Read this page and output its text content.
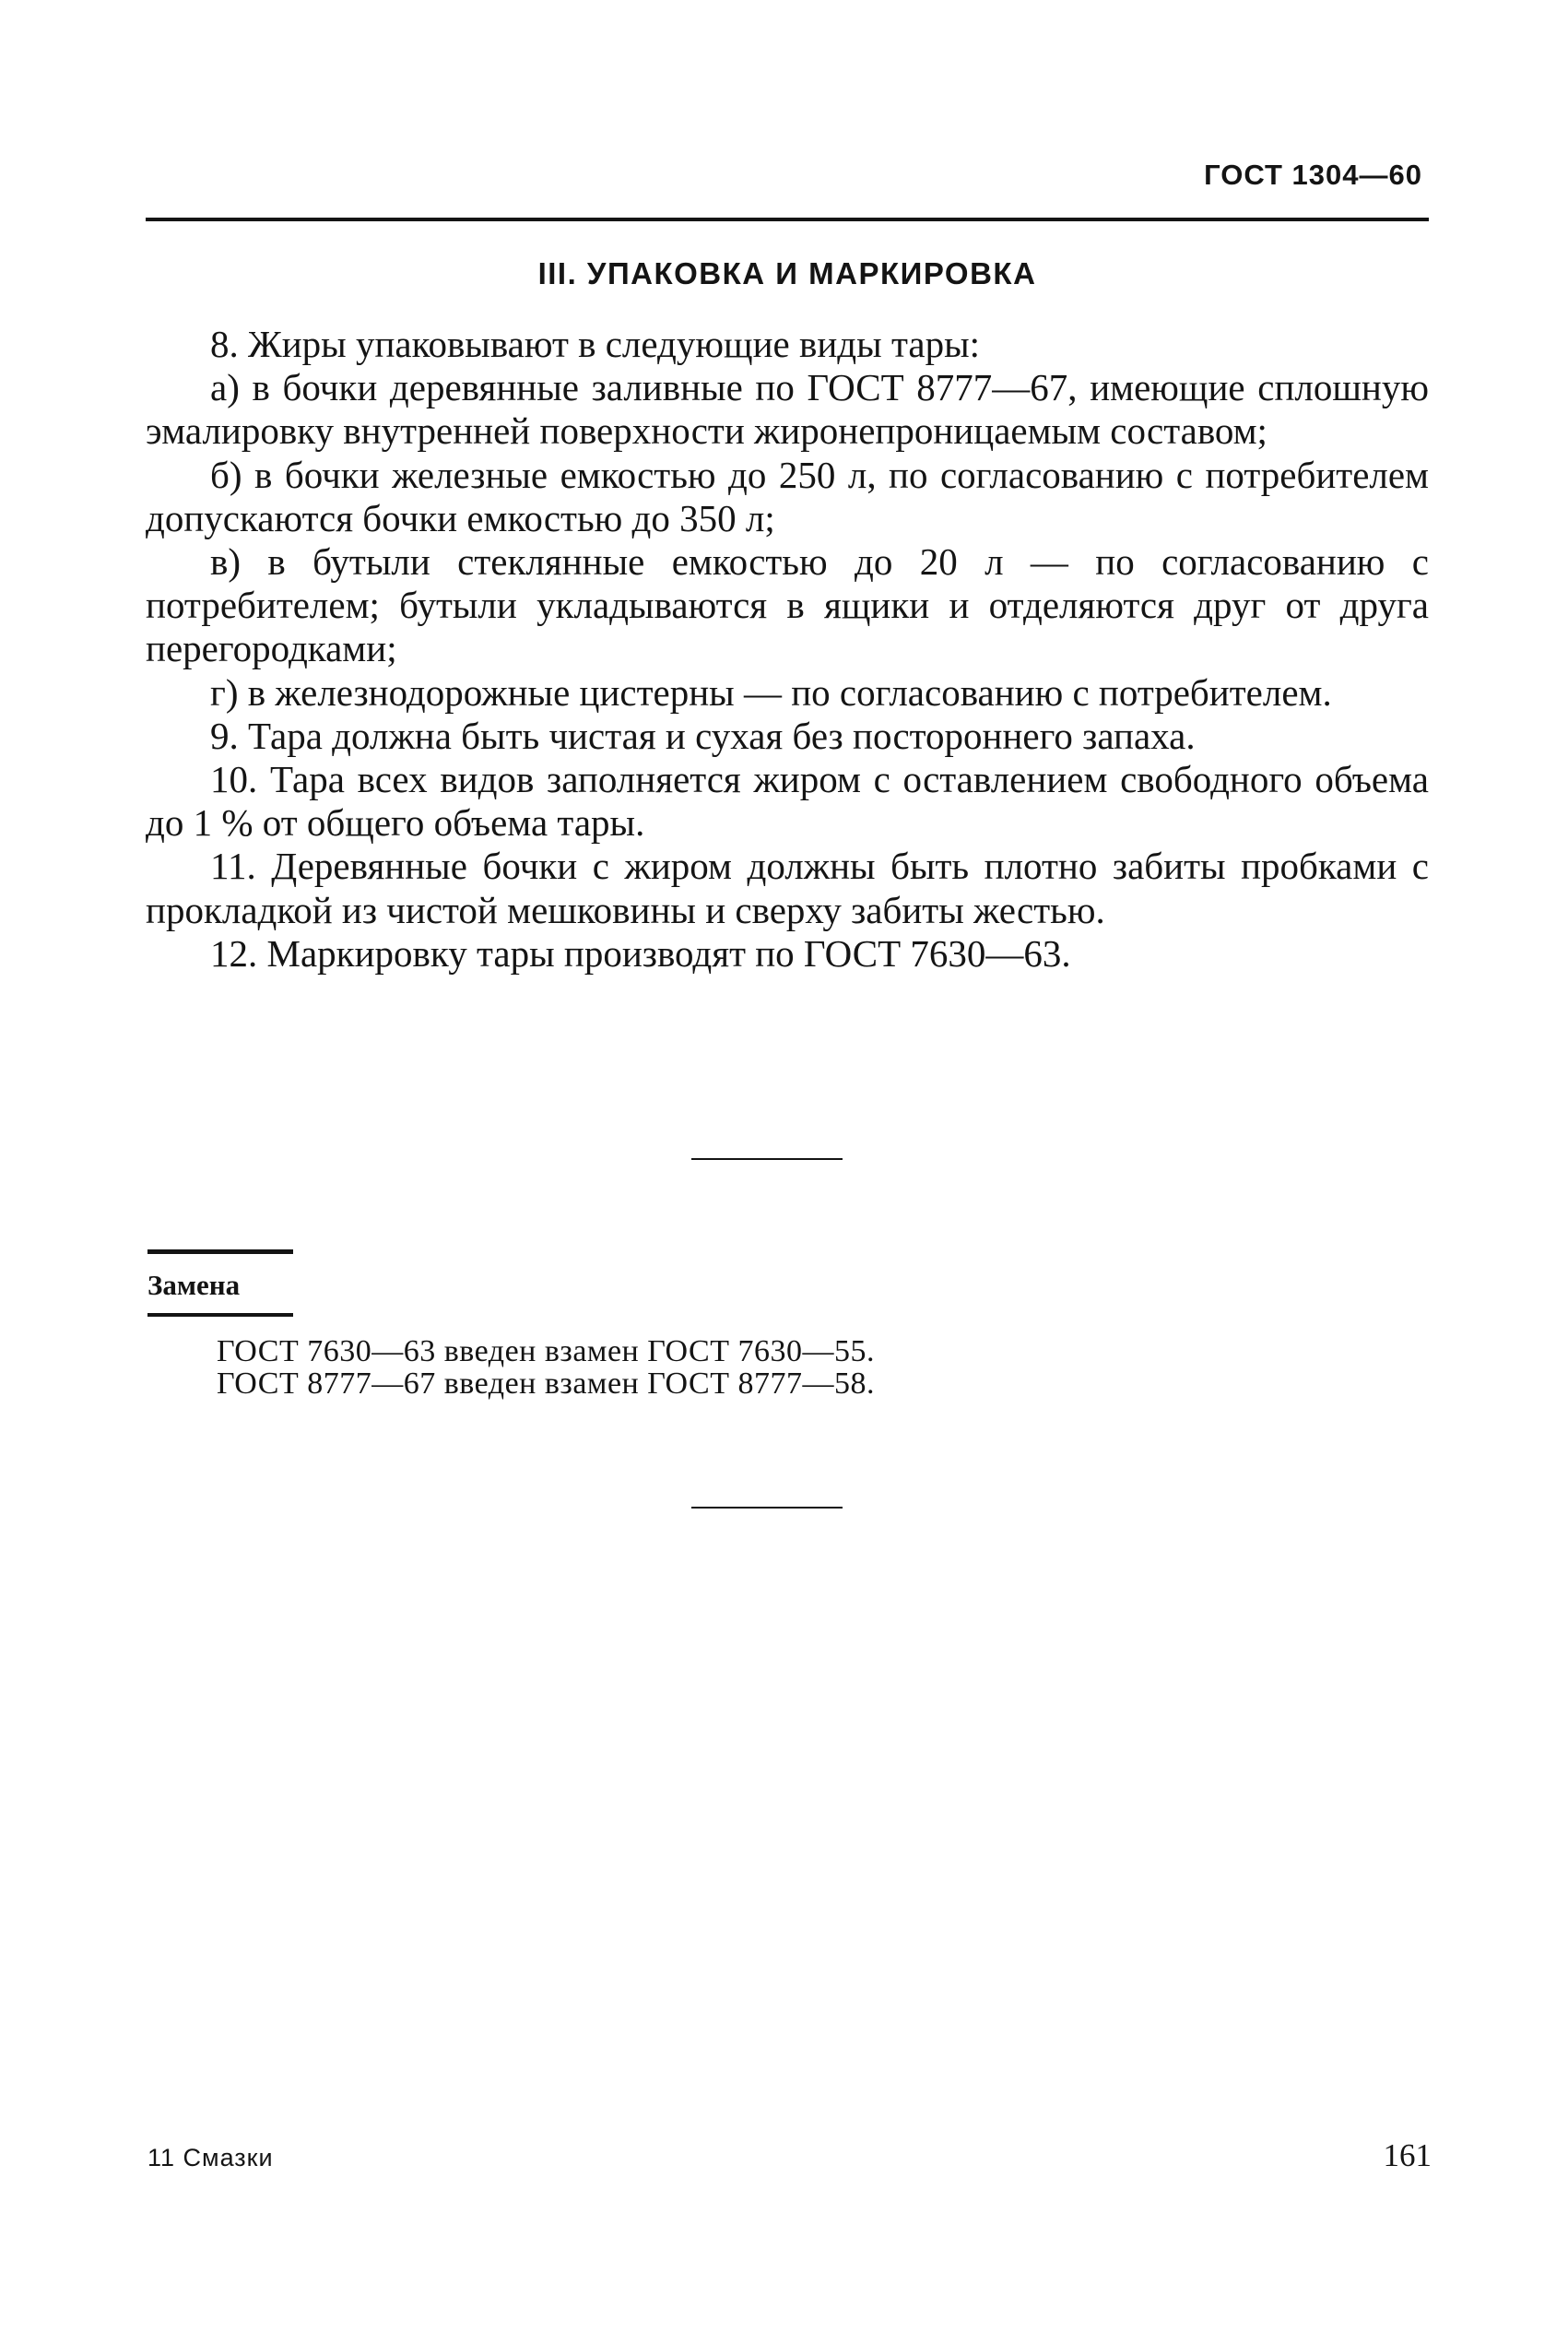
ГОСТ 1304—60
III. УПАКОВКА И МАРКИРОВКА

8. Жиры упаковывают в следующие виды тары:

а) в бочки деревянные заливные по ГОСТ 8777—67, имеющие сплошную эмалировку внутренней поверхности жиронепроницаемым составом;

б) в бочки железные емкостью до 250 л, по согласованию с потребителем допускаются бочки емкостью до 350 л;

в) в бутыли стеклянные емкостью до 20 л — по согласованию с потребителем; бутыли укладываются в ящики и отделяются друг от друга перегородками;

г) в железнодорожные цистерны — по согласованию с потребителем.

9. Тара должна быть чистая и сухая без постороннего запаха.

10. Тара всех видов заполняется жиром с оставлением свободного объема до 1 % от общего объема тары.

11. Деревянные бочки с жиром должны быть плотно забиты пробками с прокладкой из чистой мешковины и сверху забиты жестью.

12. Маркировку тары производят по ГОСТ 7630—63.

Замена
ГОСТ 7630—63 введен взамен ГОСТ 7630—55.
ГОСТ 8777—67 введен взамен ГОСТ 8777—58.
11 Смазки	161
